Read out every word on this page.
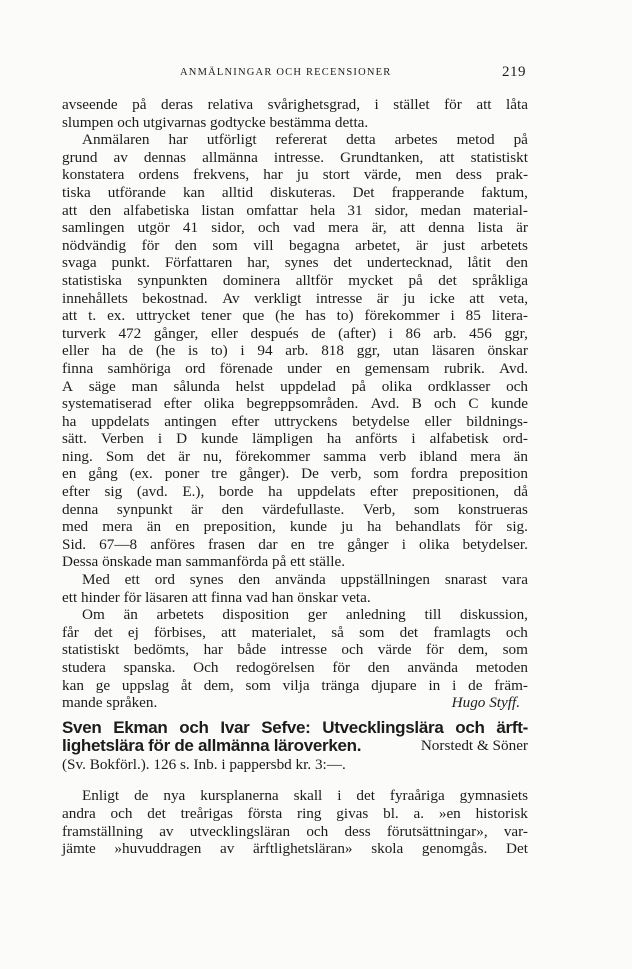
ANMÄLNINGAR OCH RECENSIONER	219
avseende på deras relativa svårighetsgrad, i stället för att låta
slumpen och utgivarnas godtycke bestämma detta.
Anmälaren har utförligt refererat detta arbetes metod på
grund av dennas allmänna intresse. Grundtanken, att statistiskt
konstatera ordens frekvens, har ju stort värde, men dess prak-
tiska utförande kan alltid diskuteras. Det frapperande faktum,
att den alfabetiska listan omfattar hela 31 sidor, medan material-
samlingen utgör 41 sidor, och vad mera är, att denna lista är
nödvändig för den som vill begagna arbetet, är just arbetets
svaga punkt. Författaren har, synes det undertecknad, låtit den
statistiska synpunkten dominera alltför mycket på det språkliga
innehållets bekostnad. Av verkligt intresse är ju icke att veta,
att t. ex. uttrycket tener que (he has to) förekommer i 85 litera-
turverk 472 gånger, eller después de (after) i 86 arb. 456 ggr,
eller ha de (he is to) i 94 arb. 818 ggr, utan läsaren önskar
finna samhöriga ord förenade under en gemensam rubrik. Avd.
A säge man sålunda helst uppdelad på olika ordklasser och
systematiserad efter olika begreppsområden. Avd. B och C kunde
ha uppdelats antingen efter uttryckens betydelse eller bildnings-
sätt. Verben i D kunde lämpligen ha anförts i alfabetisk ord-
ning. Som det är nu, förekommer samma verb ibland mera än
en gång (ex. poner tre gånger). De verb, som fordra preposition
efter sig (avd. E.), borde ha uppdelats efter prepositionen, då
denna synpunkt är den värdefullaste. Verb, som konstrueras
med mera än en preposition, kunde ju ha behandlats för sig.
Sid. 67—8 anföres frasen dar en tre gånger i olika betydelser.
Dessa önskade man sammanförda på ett ställe.
Med ett ord synes den använda uppställningen snarast vara
ett hinder för läsaren att finna vad han önskar veta.
Om än arbetets disposition ger anledning till diskussion,
får det ej förbises, att materialet, så som det framlagts och
statistiskt bedömts, har både intresse och värde för dem, som
studera spanska. Och redogörelsen för den använda metoden
kan ge uppslag åt dem, som vilja tränga djupare in i de främ-
mande språken.	Hugo Styff.
Sven Ekman och Ivar Sefve: Utvecklingslära och ärft-
lighetslära för de allmänna läroverken.	Norstedt & Söner
(Sv. Bokförl.). 126 s. Inb. i pappersbd kr. 3:—.
Enligt de nya kursplanerna skall i det fyraåriga gymnasiets
andra och det treårigas första ring givas bl. a. »en historisk
framställning av utvecklingsläran och dess förutsättningar», var-
jämte »huvuddragen av ärftlighetsläran» skola genomgås. Det
